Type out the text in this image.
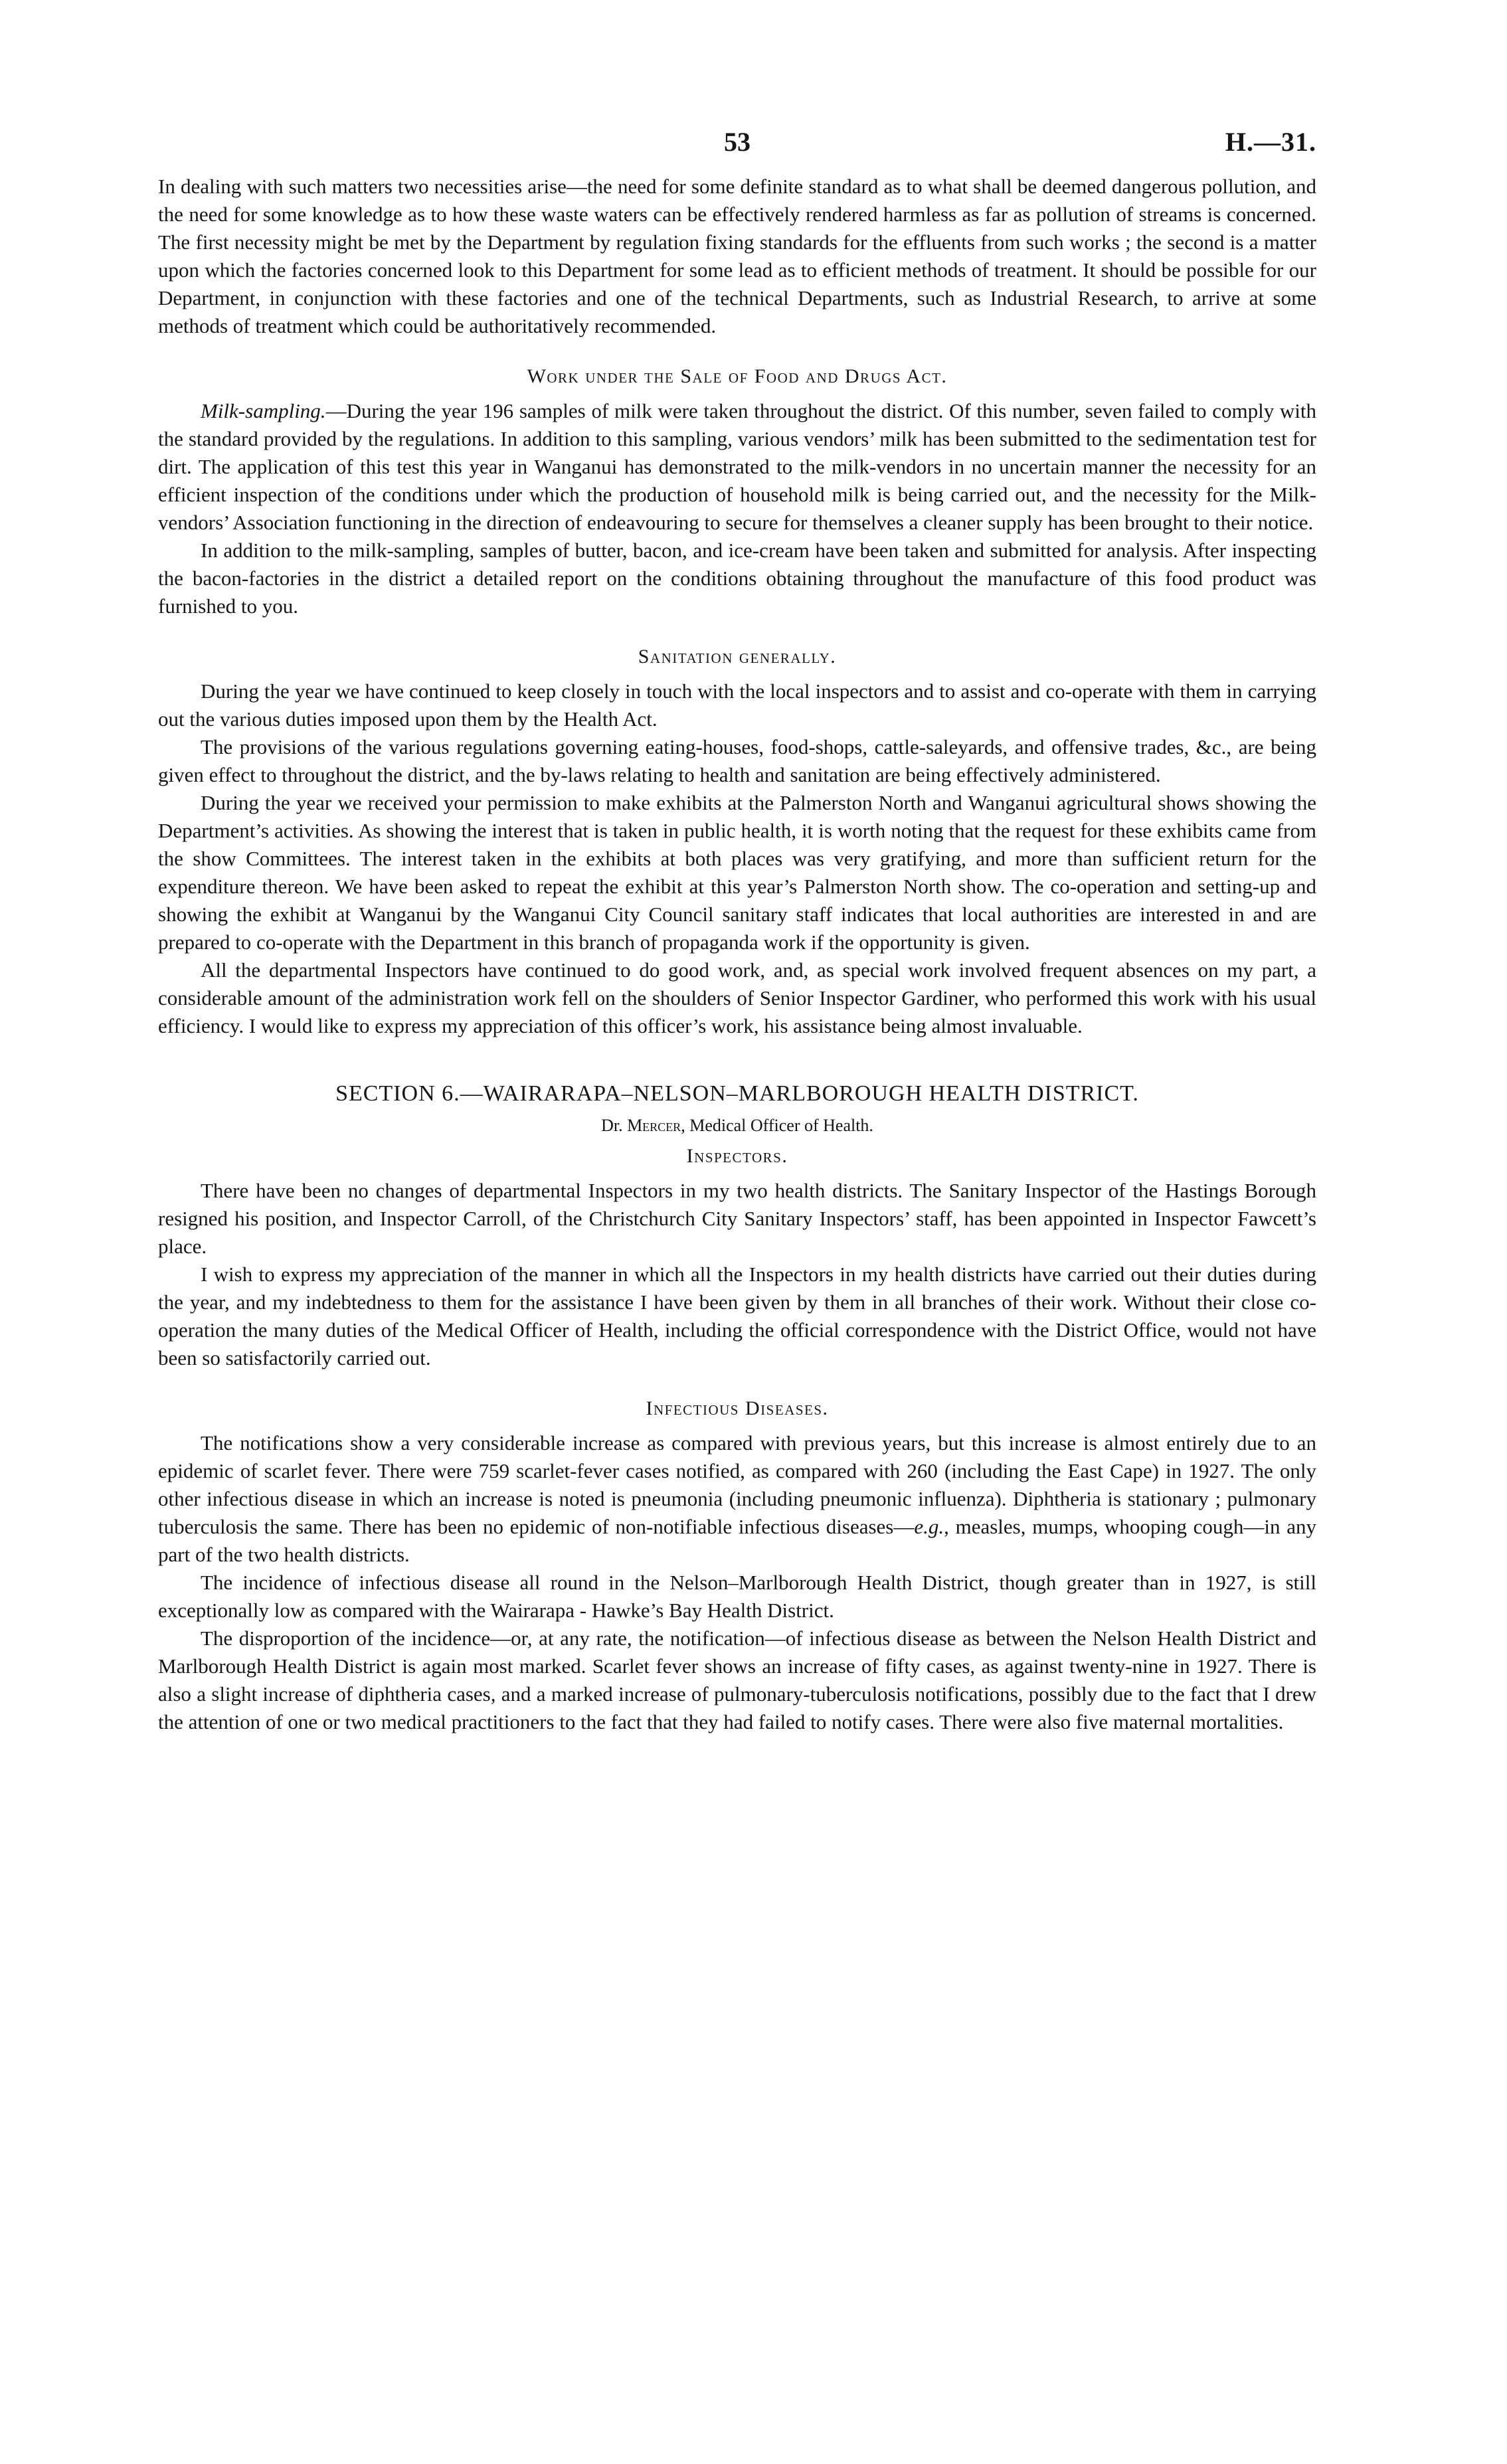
53	H.—31.

In dealing with such matters two necessities arise—the need for some definite standard as to what shall be deemed dangerous pollution, and the need for some knowledge as to how these waste waters can be effectively rendered harmless as far as pollution of streams is concerned. The first necessity might be met by the Department by regulation fixing standards for the effluents from such works ; the second is a matter upon which the factories concerned look to this Department for some lead as to efficient methods of treatment. It should be possible for our Department, in conjunction with these factories and one of the technical Departments, such as Industrial Research, to arrive at some methods of treatment which could be authoritatively recommended.

Work under the Sale of Food and Drugs Act.

Milk-sampling.—During the year 196 samples of milk were taken throughout the district. Of this number, seven failed to comply with the standard provided by the regulations. In addition to this sampling, various vendors’ milk has been submitted to the sedimentation test for dirt. The application of this test this year in Wanganui has demonstrated to the milk-vendors in no uncertain manner the necessity for an efficient inspection of the conditions under which the production of household milk is being carried out, and the necessity for the Milk-vendors’ Association functioning in the direction of endeavouring to secure for themselves a cleaner supply has been brought to their notice.

In addition to the milk-sampling, samples of butter, bacon, and ice-cream have been taken and submitted for analysis. After inspecting the bacon-factories in the district a detailed report on the conditions obtaining throughout the manufacture of this food product was furnished to you.

Sanitation generally.

During the year we have continued to keep closely in touch with the local inspectors and to assist and co-operate with them in carrying out the various duties imposed upon them by the Health Act.

The provisions of the various regulations governing eating-houses, food-shops, cattle-saleyards, and offensive trades, &c., are being given effect to throughout the district, and the by-laws relating to health and sanitation are being effectively administered.

During the year we received your permission to make exhibits at the Palmerston North and Wanganui agricultural shows showing the Department’s activities. As showing the interest that is taken in public health, it is worth noting that the request for these exhibits came from the show Committees. The interest taken in the exhibits at both places was very gratifying, and more than sufficient return for the expenditure thereon. We have been asked to repeat the exhibit at this year’s Palmerston North show. The co-operation and setting-up and showing the exhibit at Wanganui by the Wanganui City Council sanitary staff indicates that local authorities are interested in and are prepared to co-operate with the Department in this branch of propaganda work if the opportunity is given.

All the departmental Inspectors have continued to do good work, and, as special work involved frequent absences on my part, a considerable amount of the administration work fell on the shoulders of Senior Inspector Gardiner, who performed this work with his usual efficiency. I would like to express my appreciation of this officer’s work, his assistance being almost invaluable.

SECTION 6.—WAIRARAPA–NELSON–MARLBOROUGH HEALTH DISTRICT.
Dr. Mercer, Medical Officer of Health.
Inspectors.

There have been no changes of departmental Inspectors in my two health districts. The Sanitary Inspector of the Hastings Borough resigned his position, and Inspector Carroll, of the Christchurch City Sanitary Inspectors’ staff, has been appointed in Inspector Fawcett’s place.

I wish to express my appreciation of the manner in which all the Inspectors in my health districts have carried out their duties during the year, and my indebtedness to them for the assistance I have been given by them in all branches of their work. Without their close co-operation the many duties of the Medical Officer of Health, including the official correspondence with the District Office, would not have been so satisfactorily carried out.

Infectious Diseases.

The notifications show a very considerable increase as compared with previous years, but this increase is almost entirely due to an epidemic of scarlet fever. There were 759 scarlet-fever cases notified, as compared with 260 (including the East Cape) in 1927. The only other infectious disease in which an increase is noted is pneumonia (including pneumonic influenza). Diphtheria is stationary ; pulmonary tuberculosis the same. There has been no epidemic of non-notifiable infectious diseases—e.g., measles, mumps, whooping cough—in any part of the two health districts.

The incidence of infectious disease all round in the Nelson–Marlborough Health District, though greater than in 1927, is still exceptionally low as compared with the Wairarapa - Hawke’s Bay Health District.

The disproportion of the incidence—or, at any rate, the notification—of infectious disease as between the Nelson Health District and Marlborough Health District is again most marked. Scarlet fever shows an increase of fifty cases, as against twenty-nine in 1927. There is also a slight increase of diphtheria cases, and a marked increase of pulmonary-tuberculosis notifications, possibly due to the fact that I drew the attention of one or two medical practitioners to the fact that they had failed to notify cases. There were also five maternal mortalities.
